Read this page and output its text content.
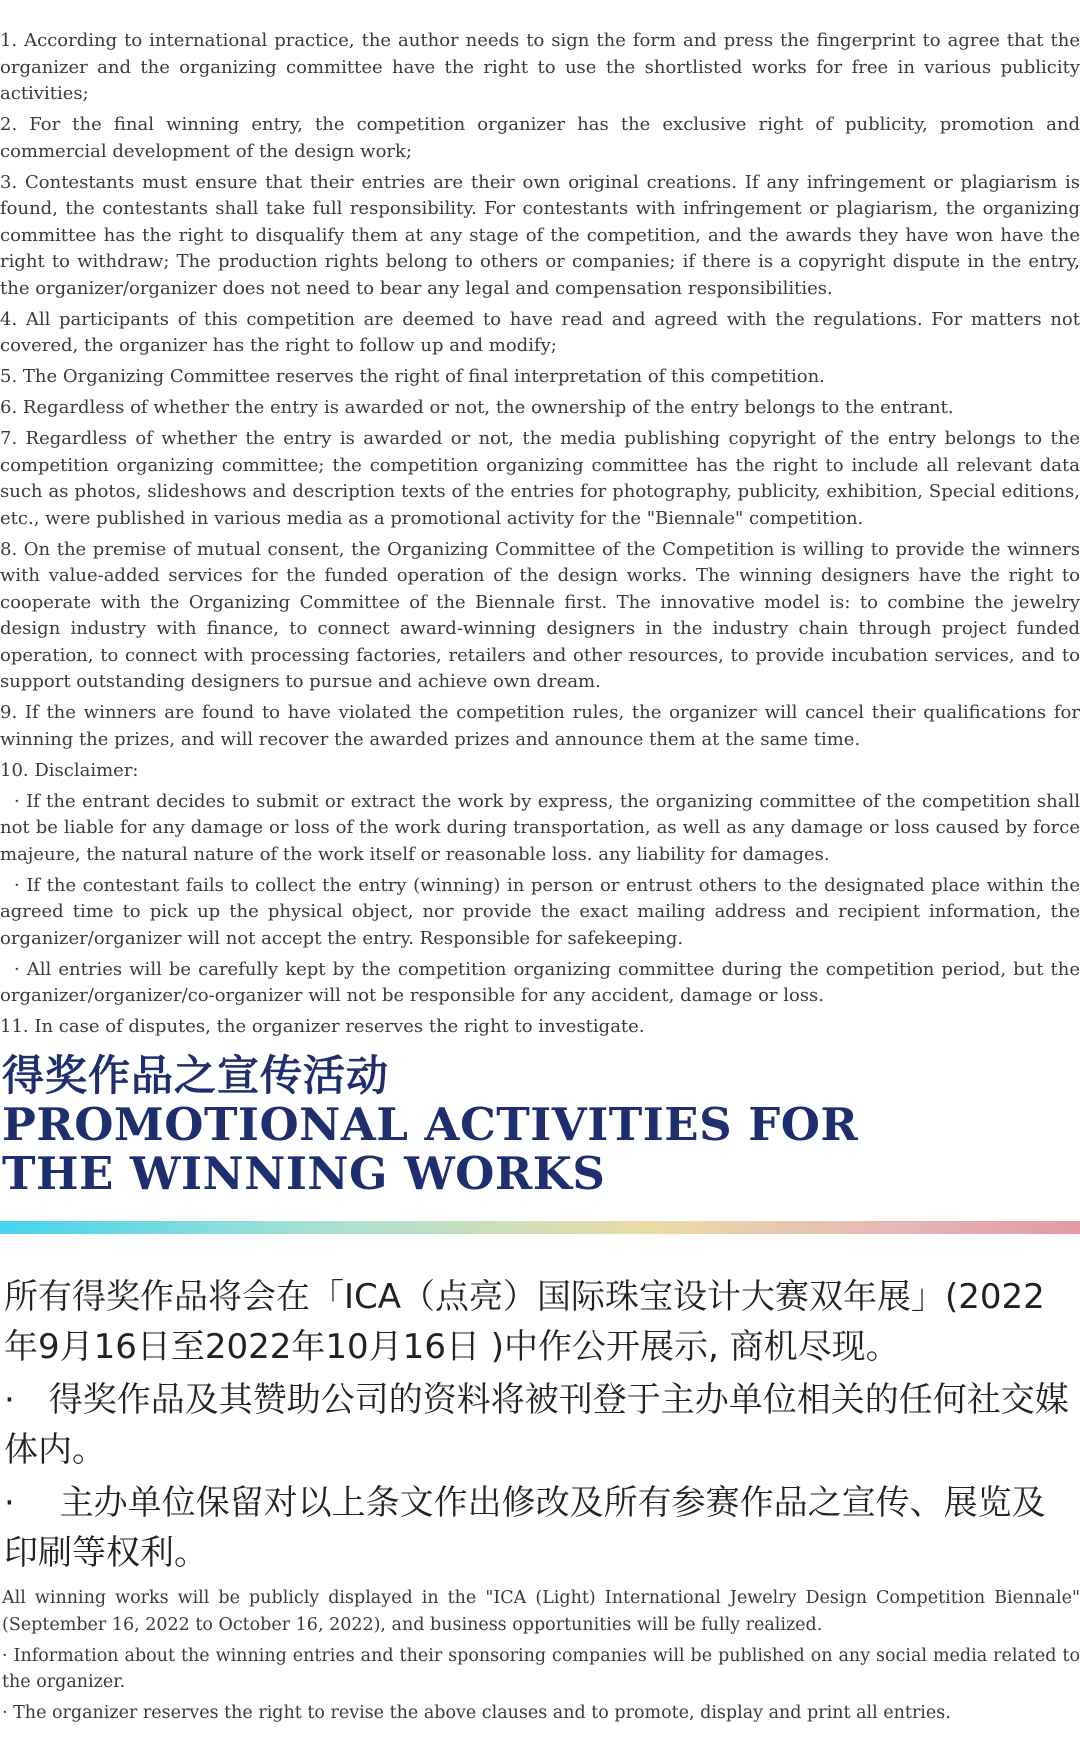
1. According to international practice, the author needs to sign the form and press the fingerprint to agree that the organizer and the organizing committee have the right to use the shortlisted works for free in various publicity activities;

2. For the final winning entry, the competition organizer has the exclusive right of publicity, promotion and commercial development of the design work;

3. Contestants must ensure that their entries are their own original creations. If any infringement or plagiarism is found, the contestants shall take full responsibility. For contestants with infringement or plagiarism, the organizing committee has the right to disqualify them at any stage of the competition, and the awards they have won have the right to withdraw; The production rights belong to others or companies; if there is a copyright dispute in the entry, the organizer/organizer does not need to bear any legal and compensation responsibilities.

4. All participants of this competition are deemed to have read and agreed with the regulations. For matters not covered, the organizer has the right to follow up and modify;

5. The Organizing Committee reserves the right of final interpretation of this competition.

6. Regardless of whether the entry is awarded or not, the ownership of the entry belongs to the entrant.

7. Regardless of whether the entry is awarded or not, the media publishing copyright of the entry belongs to the competition organizing committee; the competition organizing committee has the right to include all relevant data such as photos, slideshows and description texts of the entries for photography, publicity, exhibition, Special editions, etc., were published in various media as a promotional activity for the "Biennale" competition.

8. On the premise of mutual consent, the Organizing Committee of the Competition is willing to provide the winners with value-added services for the funded operation of the design works. The winning designers have the right to cooperate with the Organizing Committee of the Biennale first. The innovative model is: to combine the jewelry design industry with finance, to connect award-winning designers in the industry chain through project funded operation, to connect with processing factories, retailers and other resources, to provide incubation services, and to support outstanding designers to pursue and achieve own dream.

9. If the winners are found to have violated the competition rules, the organizer will cancel their qualifications for winning the prizes, and will recover the awarded prizes and announce them at the same time.

10. Disclaimer:

· If the entrant decides to submit or extract the work by express, the organizing committee of the competition shall not be liable for any damage or loss of the work during transportation, as well as any damage or loss caused by force majeure, the natural nature of the work itself or reasonable loss. any liability for damages.

· If the contestant fails to collect the entry (winning) in person or entrust others to the designated place within the agreed time to pick up the physical object, nor provide the exact mailing address and recipient information, the organizer/organizer will not accept the entry. Responsible for safekeeping.

· All entries will be carefully kept by the competition organizing committee during the competition period, but the organizer/organizer/co-organizer will not be responsible for any accident, damage or loss.

11. In case of disputes, the organizer reserves the right to investigate.

得奖作品之宣传活动
PROMOTIONAL ACTIVITIES FOR
THE WINNING WORKS

所有得奖作品将会在「ICA（点亮）国际珠宝设计大赛双年展」(2022年9月16日至2022年10月16日 )中作公开展示, 商机尽现。

·　得奖作品及其赞助公司的资料将被刊登于主办单位相关的任何社交媒体内。

·　 主办单位保留对以上条文作出修改及所有参赛作品之宣传、展览及印刷等权利。

All winning works will be publicly displayed in the "ICA (Light) International Jewelry Design Competition Biennale" (September 16, 2022 to October 16, 2022), and business opportunities will be fully realized.

· Information about the winning entries and their sponsoring companies will be published on any social media related to the organizer.

· The organizer reserves the right to revise the above clauses and to promote, display and print all entries.
